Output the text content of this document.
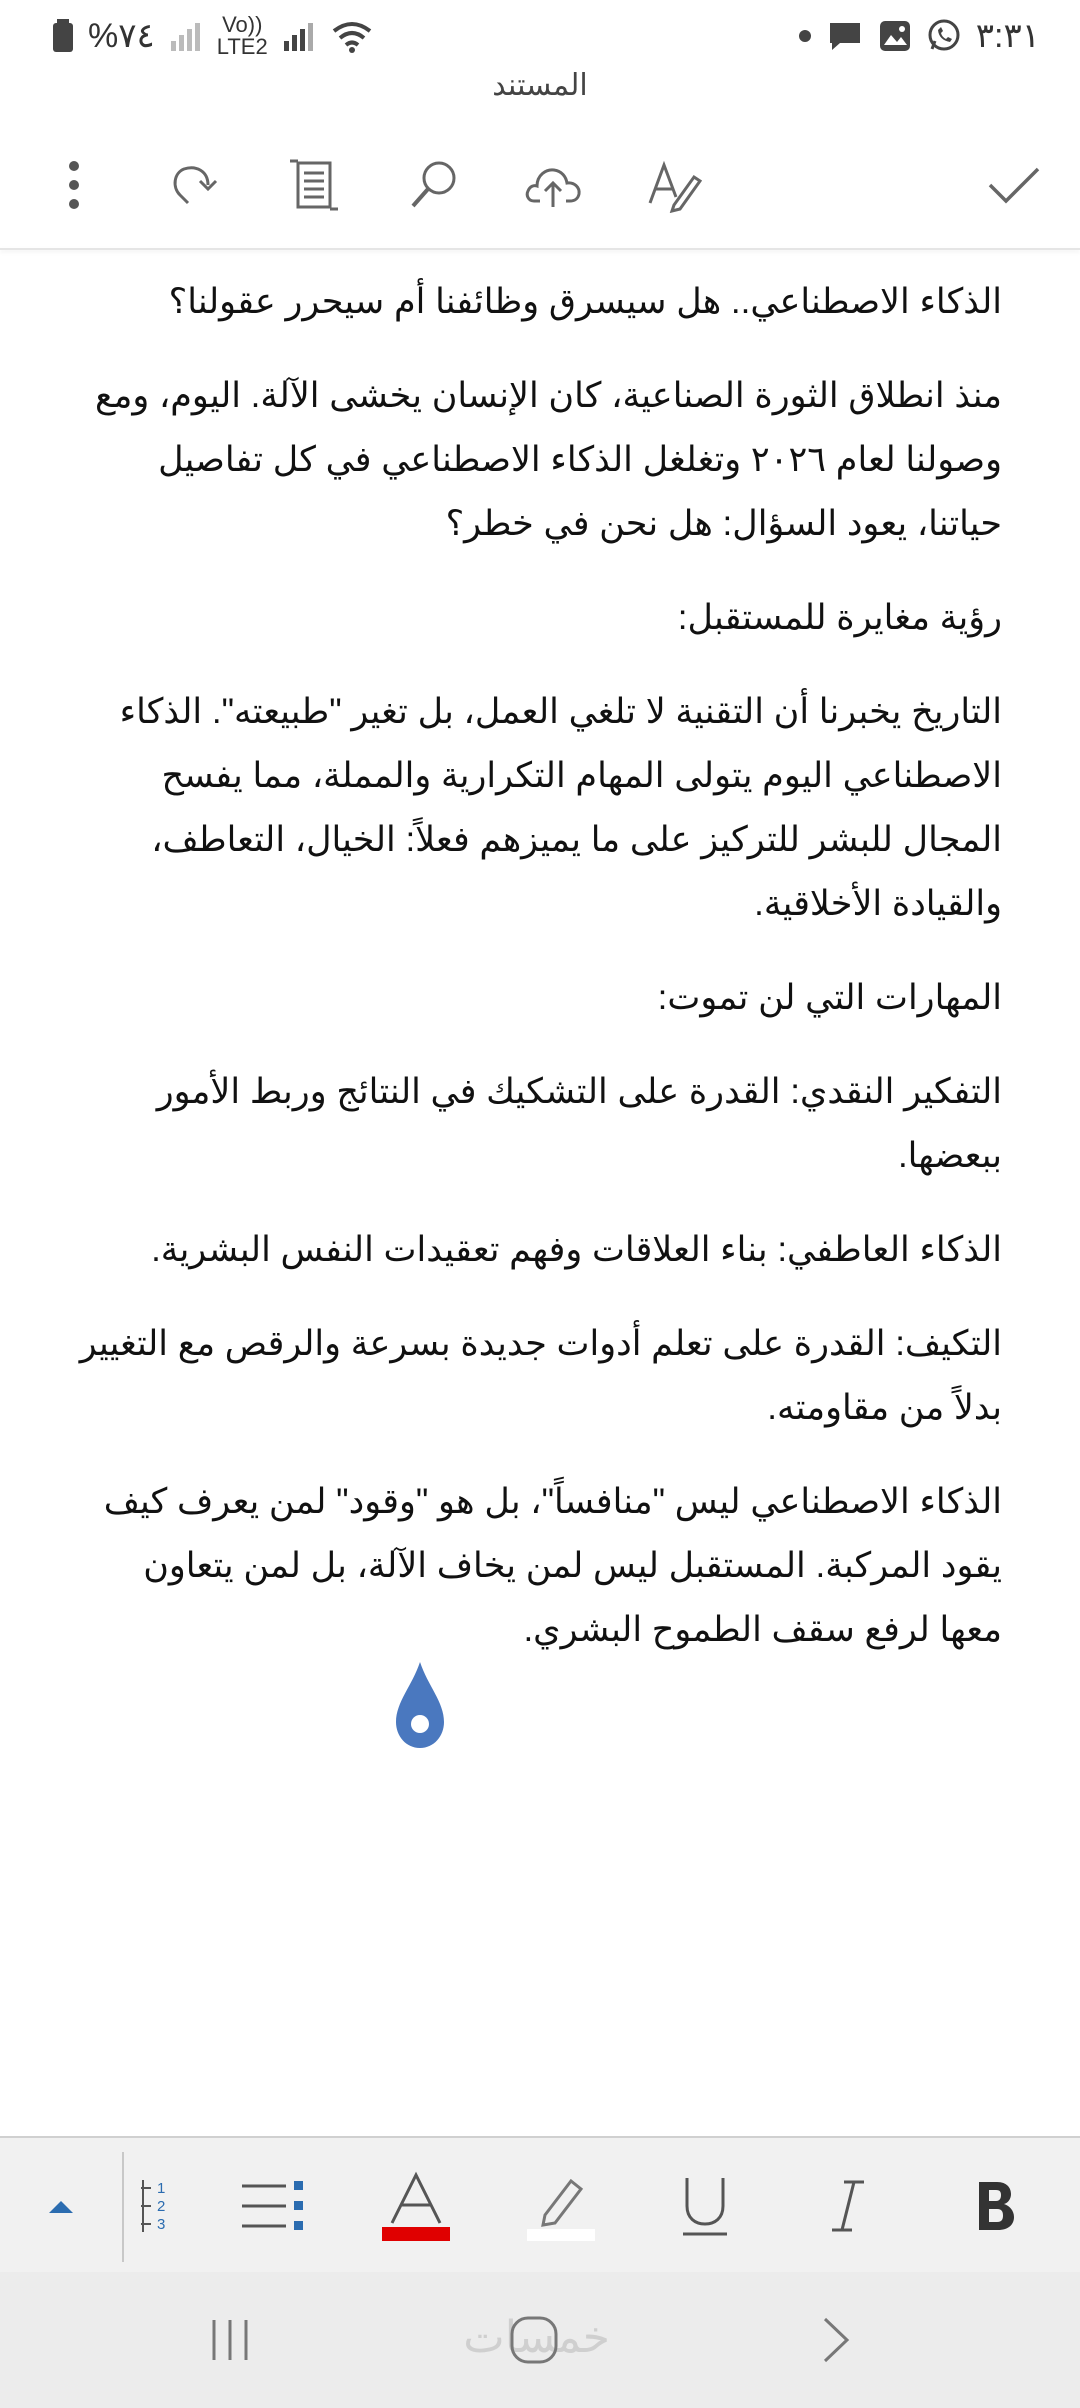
%٧٤	Vo))
LTE2	٣:٣١
المستند

الذكاء الاصطناعي.. هل سيسرق وظائفنا أم سيحرر عقولنا؟

منذ انطلاق الثورة الصناعية، كان الإنسان يخشى الآلة. اليوم، ومع وصولنا لعام ٢٠٢٦ وتغلغل الذكاء الاصطناعي في كل تفاصيل حياتنا، يعود السؤال: هل نحن في خطر؟

رؤية مغايرة للمستقبل:

التاريخ يخبرنا أن التقنية لا تلغي العمل، بل تغير "طبيعته". الذكاء الاصطناعي اليوم يتولى المهام التكرارية والمملة، مما يفسح المجال للبشر للتركيز على ما يميزهم فعلاً: الخيال، التعاطف، والقيادة الأخلاقية.

المهارات التي لن تموت:

التفكير النقدي: القدرة على التشكيك في النتائج وربط الأمور ببعضها.

الذكاء العاطفي: بناء العلاقات وفهم تعقيدات النفس البشرية.

التكيف: القدرة على تعلم أدوات جديدة بسرعة والرقص مع التغيير بدلاً من مقاومته.

الذكاء الاصطناعي ليس "منافساً"، بل هو "وقود" لمن يعرف كيف يقود المركبة. المستقبل ليس لمن يخاف الآلة، بل لمن يتعاون معها لرفع سقف الطموح البشري.

1
2
3
خمسات
